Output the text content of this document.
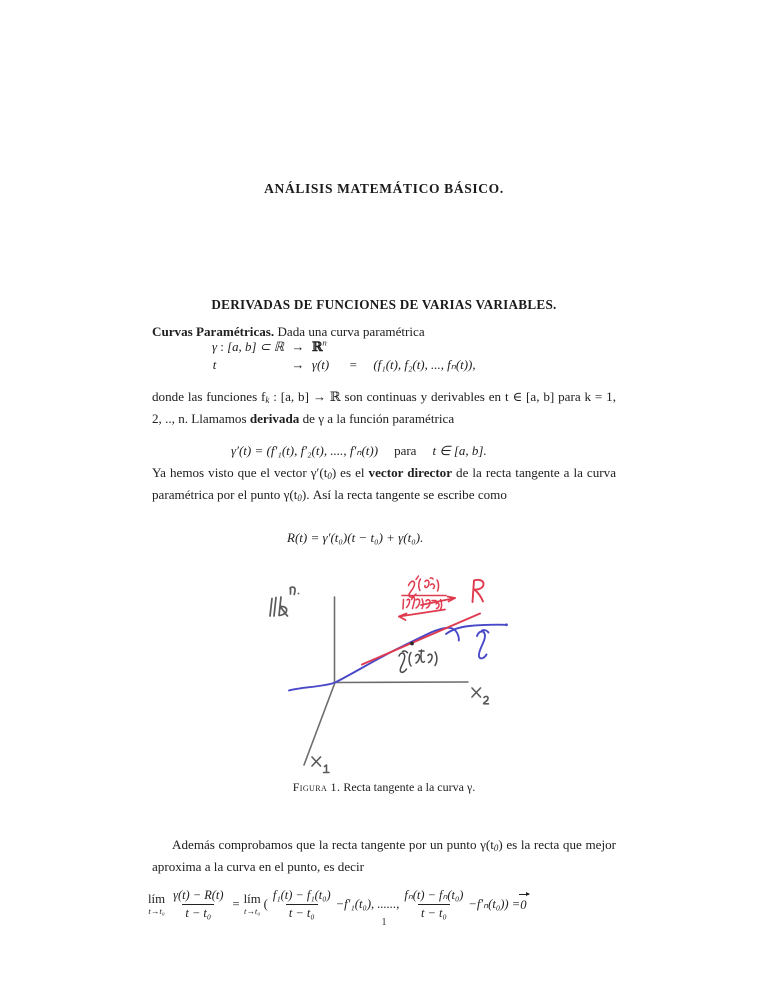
ANÁLISIS MATEMÁTICO BÁSICO.
DERIVADAS DE FUNCIONES DE VARIAS VARIABLES.
Curvas Paramétricas. Dada una curva paramétrica
γ : [a, b] ⊂ ℝ → ℝ$^n$
t	→ γ(t) = (f₁(t), f₂(t), ..., fₙ(t)),
donde las funciones $f_k$ : [a, b] → ℝ son continuas y derivables en t ∈ [a, b] para k = 1, 2, .., n. Llamamos derivada de γ a la función paramétrica
γ′(t) = (f′₁(t), f′₂(t), ...., f′ₙ(t)) para t ∈ [a, b].
Ya hemos visto que el vector $\gamma'(t_0)$ es el vector director de la recta tangente a la curva paramétrica por el punto $\gamma(t_0)$. Así la recta tangente se escribe como
R(t) = γ′(t₀)(t − t₀) + γ(t₀).
Figura 1. Recta tangente a la curva γ.
Además comprobamos que la recta tangente por un punto $\gamma(t_0)$ es la recta que mejor aproxima a la curva en el punto, es decir
lím
$t\to t_0 \frac{\gamma(t) - R(t)}{\text{t − t₀}}$ = lím
t→t₀
( $\frac{\text{f₁(t) − f₁(t₀)}}{\text{t − t₀}} -f'_1(t_0)$, ......, $\frac{\text{fₙ(t) − fₙ(t₀)}}{\text{t − t₀}} -f'_n(t_0)) = 0$
1
